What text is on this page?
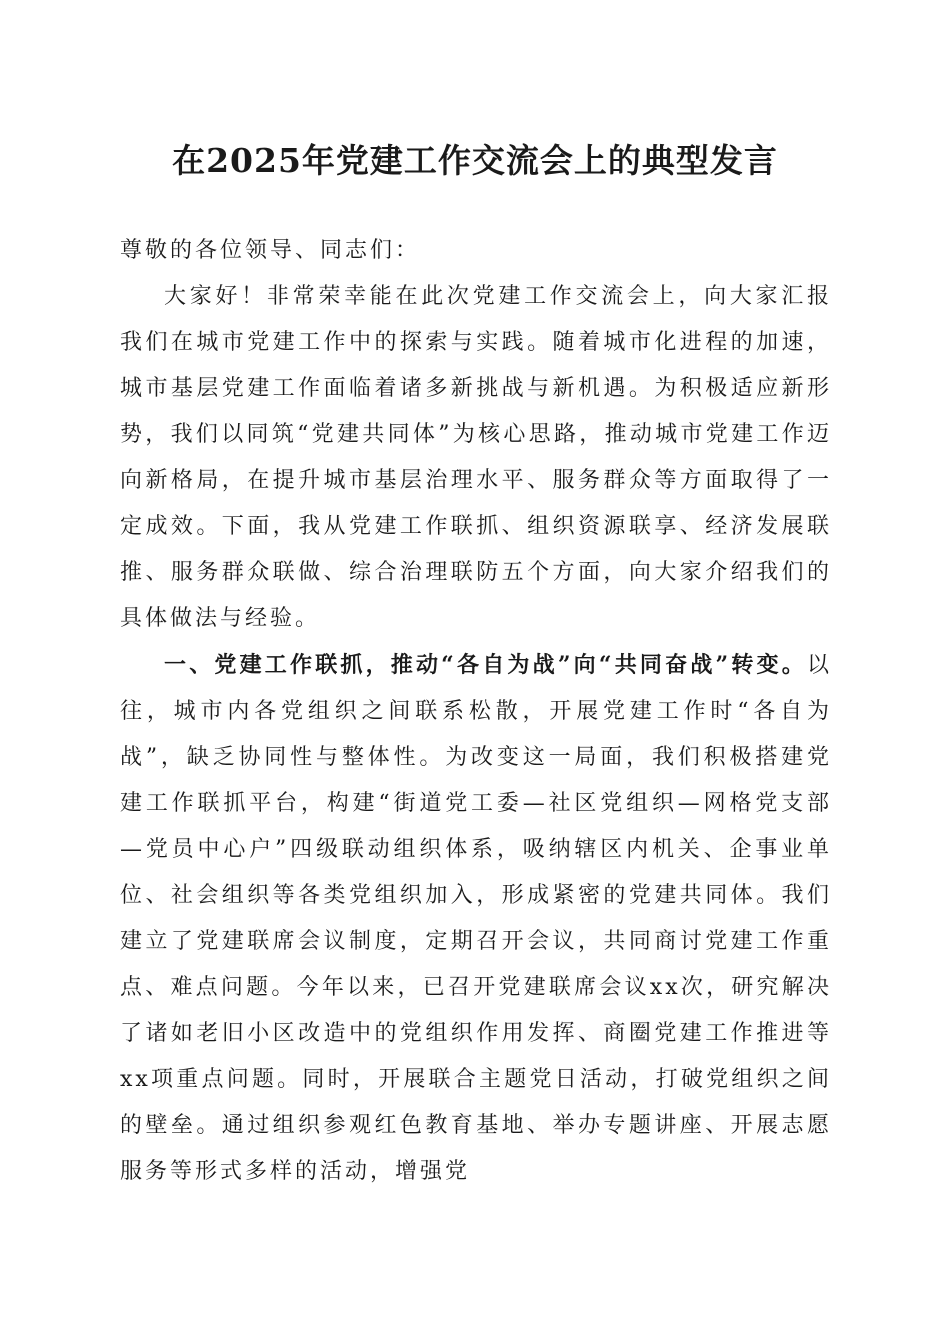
在2025年党建工作交流会上的典型发言

尊敬的各位领导、同志们：

大家好！非常荣幸能在此次党建工作交流会上，向大家汇报我们在城市党建工作中的探索与实践。随着城市化进程的加速，城市基层党建工作面临着诸多新挑战与新机遇。为积极适应新形势，我们以同筑“党建共同体”为核心思路，推动城市党建工作迈向新格局，在提升城市基层治理水平、服务群众等方面取得了一定成效。下面，我从党建工作联抓、组织资源联享、经济发展联推、服务群众联做、综合治理联防五个方面，向大家介绍我们的具体做法与经验。

一、党建工作联抓，推动“各自为战”向“共同奋战”转变。以往，城市内各党组织之间联系松散，开展党建工作时“各自为战”，缺乏协同性与整体性。为改变这一局面，我们积极搭建党建工作联抓平台，构建“街道党工委—社区党组织—网格党支部—党员中心户”四级联动组织体系，吸纳辖区内机关、企事业单位、社会组织等各类党组织加入，形成紧密的党建共同体。我们建立了党建联席会议制度，定期召开会议，共同商讨党建工作重点、难点问题。今年以来，已召开党建联席会议xx次，研究解决了诸如老旧小区改造中的党组织作用发挥、商圈党建工作推进等xx项重点问题。同时，开展联合主题党日活动，打破党组织之间的壁垒。通过组织参观红色教育基地、举办专题讲座、开展志愿服务等形式多样的活动，增强党
